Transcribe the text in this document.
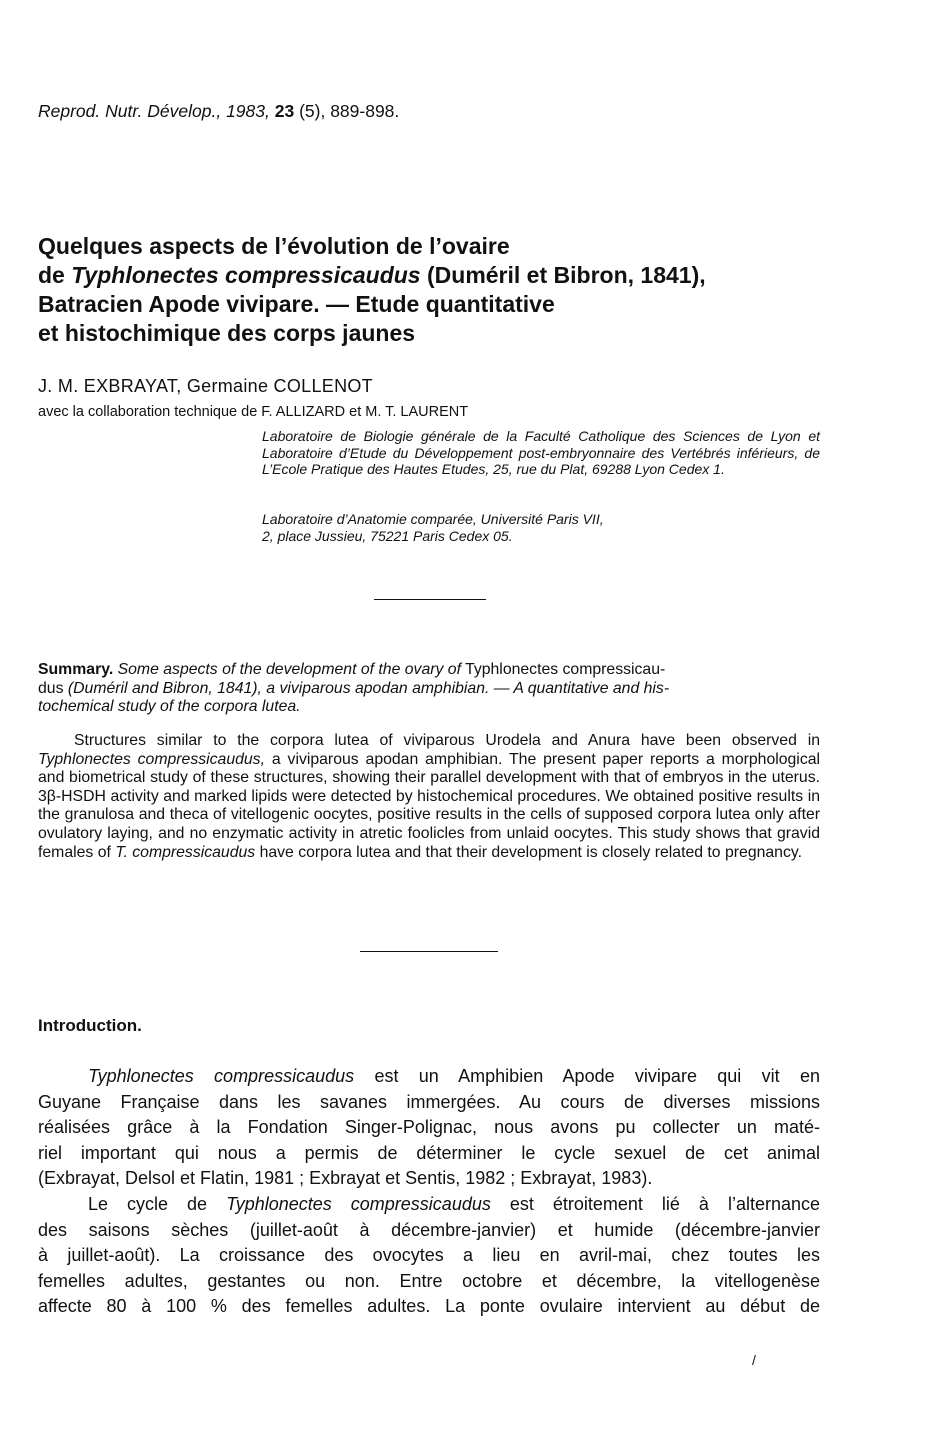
Reprod. Nutr. Dévelop., 1983, 23 (5), 889-898.
Quelques aspects de l’évolution de l’ovaire
de Typhlonectes compressicaudus (Duméril et Bibron, 1841),
Batracien Apode vivipare. — Etude quantitative
et histochimique des corps jaunes
J. M. EXBRAYAT, Germaine COLLENOT
avec la collaboration technique de F. ALLIZARD et M. T. LAURENT
Laboratoire de Biologie générale de la Faculté Catholique des Sciences de Lyon et Laboratoire d’Etude du Développement post-embryonnaire des Vertébrés inférieurs, de L’Ecole Pratique des Hautes Etudes, 25, rue du Plat, 69288 Lyon Cedex 1.
Laboratoire d’Anatomie comparée, Université Paris VII,
2, place Jussieu, 75221 Paris Cedex 05.
Summary. Some aspects of the development of the ovary of Typhlonectes compressicau-
dus (Duméril and Bibron, 1841), a viviparous apodan amphibian. — A quantitative and his-
tochemical study of the corpora lutea.
Structures similar to the corpora lutea of viviparous Urodela and Anura have been observed in Typhlonectes compressicaudus, a viviparous apodan amphibian. The present paper reports a morphological and biometrical study of these structures, showing their parallel development with that of embryos in the uterus. 3β-HSDH activity and marked lipids were detected by histochemical procedures. We obtained positive results in the granulosa and theca of vitellogenic oocytes, positive results in the cells of supposed corpora lutea only after ovulatory laying, and no enzymatic activity in atretic foolicles from unlaid oocytes. This study shows that gravid females of T. compressicaudus have corpora lutea and that their development is closely related to pregnancy.
Introduction.
Typhlonectes compressicaudus est un Amphibien Apode vivipare qui vit en
Guyane Française dans les savanes immergées. Au cours de diverses missions
réalisées grâce à la Fondation Singer-Polignac, nous avons pu collecter un maté-
riel important qui nous a permis de déterminer le cycle sexuel de cet animal
(Exbrayat, Delsol et Flatin, 1981 ; Exbrayat et Sentis, 1982 ; Exbrayat, 1983).
Le cycle de Typhlonectes compressicaudus est étroitement lié à l’alternance
des saisons sèches (juillet-août à décembre-janvier) et humide (décembre-janvier
à juillet-août). La croissance des ovocytes a lieu en avril-mai, chez toutes les
femelles adultes, gestantes ou non. Entre octobre et décembre, la vitellogenèse
affecte 80 à 100 % des femelles adultes. La ponte ovulaire intervient au début de
/
